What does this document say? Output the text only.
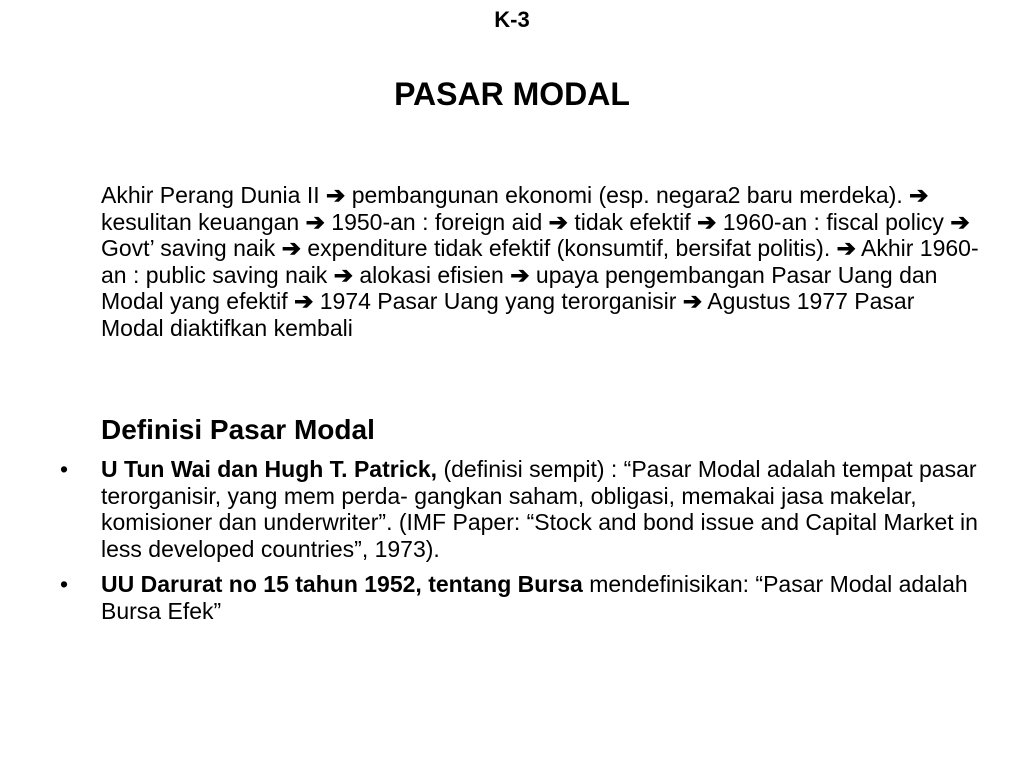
K-3
PASAR MODAL
Akhir Perang Dunia II ➔ pembangunan ekonomi (esp. negara2 baru merdeka). ➔ kesulitan keuangan ➔ 1950-an : foreign aid ➔ tidak efektif ➔ 1960-an : fiscal policy ➔ Govt’ saving naik ➔ expenditure tidak efektif (konsumtif, bersifat politis). ➔ Akhir 1960-an : public saving naik ➔ alokasi efisien ➔ upaya pengembangan Pasar Uang dan Modal yang efektif ➔ 1974 Pasar Uang yang terorganisir ➔ Agustus 1977 Pasar Modal diaktifkan kembali
Definisi Pasar Modal
• U Tun Wai dan Hugh T. Patrick, (definisi sempit) : “Pasar Modal adalah tempat pasar terorganisir, yang mem perda- gangkan saham, obligasi, memakai jasa makelar, komisioner dan underwriter”. (IMF Paper: “Stock and bond issue and Capital Market in less developed countries”, 1973).
• UU Darurat no 15 tahun 1952, tentang Bursa mendefinisikan: “Pasar Modal adalah Bursa Efek”
